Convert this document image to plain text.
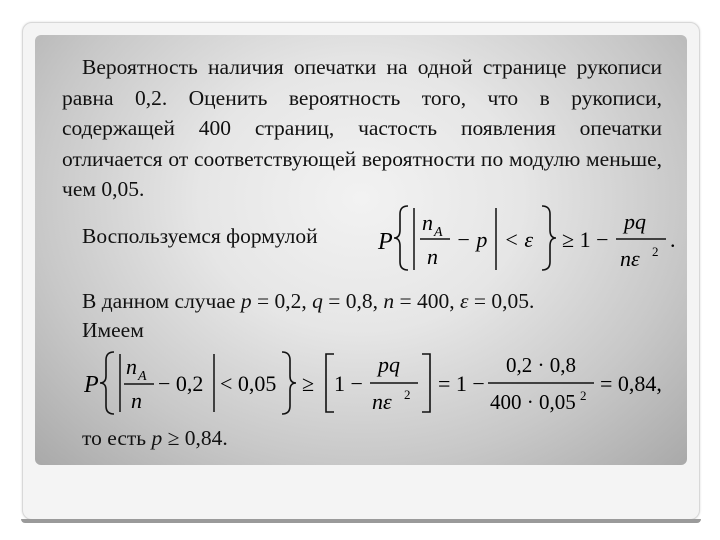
Вероятность наличия опечатки на одной странице рукописи равна 0,2. Оценить вероятность того, что в рукописи, содержащей 400 страниц, частость появления опечатки отличается от соответствующей вероятности по модулю меньше, чем 0,05.

Воспользуемся формулой	P
n A
n
− p < ε ≥ 1 −
pq
nε 2 .
В данном случае p = 0,2, q = 0,8, n = 400, ε = 0,05.
Имеем
P
n A
n
− 0,2 < 0,05 ≥ 1 −
pq
nε 2 = 1 −
0,2 · 0,8
400 · 0,05 2 = 0,84,
то есть p ≥ 0,84.
